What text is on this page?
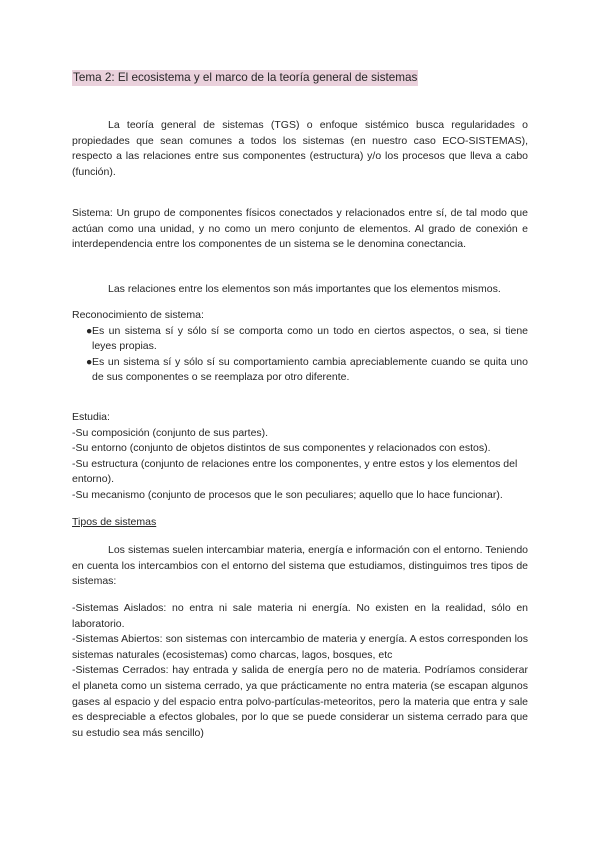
Tema 2: El ecosistema y el marco de la teoría general de sistemas

La teoría general de sistemas (TGS) o enfoque sistémico busca regularidades o propiedades que sean comunes a todos los sistemas (en nuestro caso ECO-SISTEMAS), respecto a las relaciones entre sus componentes (estructura) y/o los procesos que lleva a cabo (función).

Sistema: Un grupo de componentes físicos conectados y relacionados entre sí, de tal modo que actúan como una unidad, y no como un mero conjunto de elementos. Al grado de conexión e interdependencia entre los componentes de un sistema se le denomina conectancia.

Las relaciones entre los elementos son más importantes que los elementos mismos.

Reconocimiento de sistema:
● Es un sistema sí y sólo sí se comporta como un todo en ciertos aspectos, o sea, si tiene leyes propias.
● Es un sistema sí y sólo sí su comportamiento cambia apreciablemente cuando se quita uno de sus componentes o se reemplaza por otro diferente.
Estudia:
-Su composición (conjunto de sus partes).
-Su entorno (conjunto de objetos distintos de sus componentes y relacionados con estos).
-Su estructura (conjunto de relaciones entre los componentes, y entre estos y los elementos del entorno).
-Su mecanismo (conjunto de procesos que le son peculiares; aquello que lo hace funcionar).
Tipos de sistemas

Los sistemas suelen intercambiar materia, energía e información con el entorno. Teniendo en cuenta los intercambios con el entorno del sistema que estudiamos, distinguimos tres tipos de sistemas:

-Sistemas Aislados: no entra ni sale materia ni energía. No existen en la realidad, sólo en laboratorio.
-Sistemas Abiertos: son sistemas con intercambio de materia y energía. A estos corresponden los sistemas naturales (ecosistemas) como charcas, lagos, bosques, etc
-Sistemas Cerrados: hay entrada y salida de energía pero no de materia. Podríamos considerar el planeta como un sistema cerrado, ya que prácticamente no entra materia (se escapan algunos gases al espacio y del espacio entra polvo-partículas-meteoritos, pero la materia que entra y sale es despreciable a efectos globales, por lo que se puede considerar un sistema cerrado para que su estudio sea más sencillo)
